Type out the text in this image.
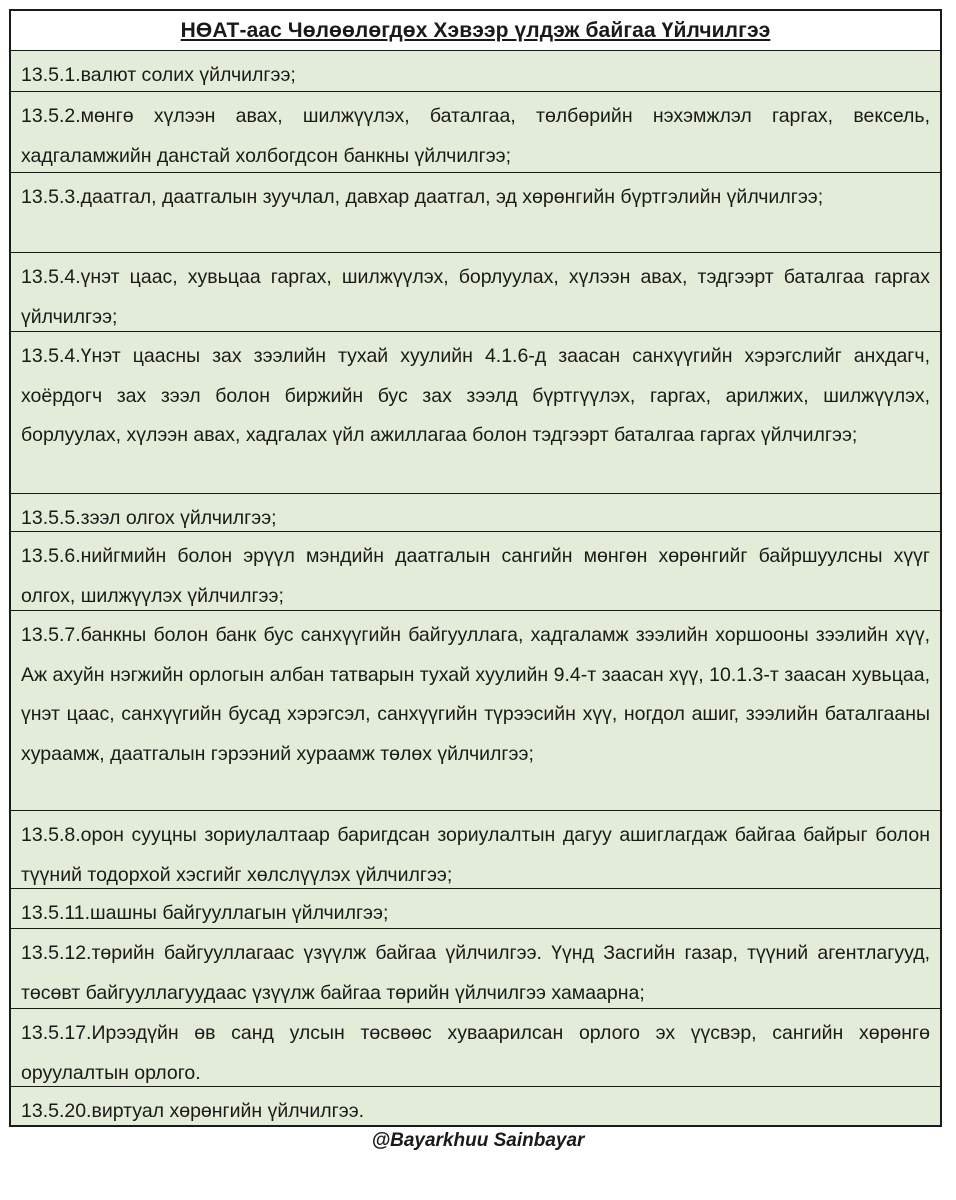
НӨАТ-аас Чөлөөлөгдөх Хэвээр үлдэж байгаа Үйлчилгээ
13.5.1.валют солих үйлчилгээ;
13.5.2.мөнгө хүлээн авах, шилжүүлэх, баталгаа, төлбөрийн нэхэмжлэл гаргах, вексель, хадгаламжийн данстай холбогдсон банкны үйлчилгээ;
13.5.3.даатгал, даатгалын зуучлал, давхар даатгал, эд хөрөнгийн бүртгэлийн үйлчилгээ;
13.5.4.үнэт цаас, хувьцаа гаргах, шилжүүлэх, борлуулах, хүлээн авах, тэдгээрт баталгаа гаргах үйлчилгээ;
13.5.4.Үнэт цаасны зах зээлийн тухай хуулийн 4.1.6-д заасан санхүүгийн хэрэгслийг анхдагч, хоёрдогч зах зээл болон биржийн бус зах зээлд бүртгүүлэх, гаргах, арилжих, шилжүүлэх, борлуулах, хүлээн авах, хадгалах үйл ажиллагаа болон тэдгээрт баталгаа гаргах үйлчилгээ;
13.5.5.зээл олгох үйлчилгээ;
13.5.6.нийгмийн болон эрүүл мэндийн даатгалын сангийн мөнгөн хөрөнгийг байршуулсны хүүг олгох, шилжүүлэх үйлчилгээ;
13.5.7.банкны болон банк бус санхүүгийн байгууллага, хадгаламж зээлийн хоршооны зээлийн хүү, Аж ахуйн нэгжийн орлогын албан татварын тухай хуулийн 9.4-т заасан хүү, 10.1.3-т заасан хувьцаа, үнэт цаас, санхүүгийн бусад хэрэгсэл, санхүүгийн түрээсийн хүү, ногдол ашиг, зээлийн баталгааны хураамж, даатгалын гэрээний хураамж төлөх үйлчилгээ;
13.5.8.орон сууцны зориулалтаар баригдсан зориулалтын дагуу ашиглагдаж байгаа байрыг болон түүний тодорхой хэсгийг хөлслүүлэх үйлчилгээ;
13.5.11.шашны байгууллагын үйлчилгээ;
13.5.12.төрийн байгууллагаас үзүүлж байгаа үйлчилгээ. Үүнд Засгийн газар, түүний агентлагууд, төсөвт байгууллагуудаас үзүүлж байгаа төрийн үйлчилгээ хамаарна;
13.5.17.Ирээдүйн өв санд улсын төсвөөс хуваарилсан орлого эх үүсвэр, сангийн хөрөнгө оруулалтын орлого.
13.5.20.виртуал хөрөнгийн үйлчилгээ.
@Bayarkhuu Sainbayar
